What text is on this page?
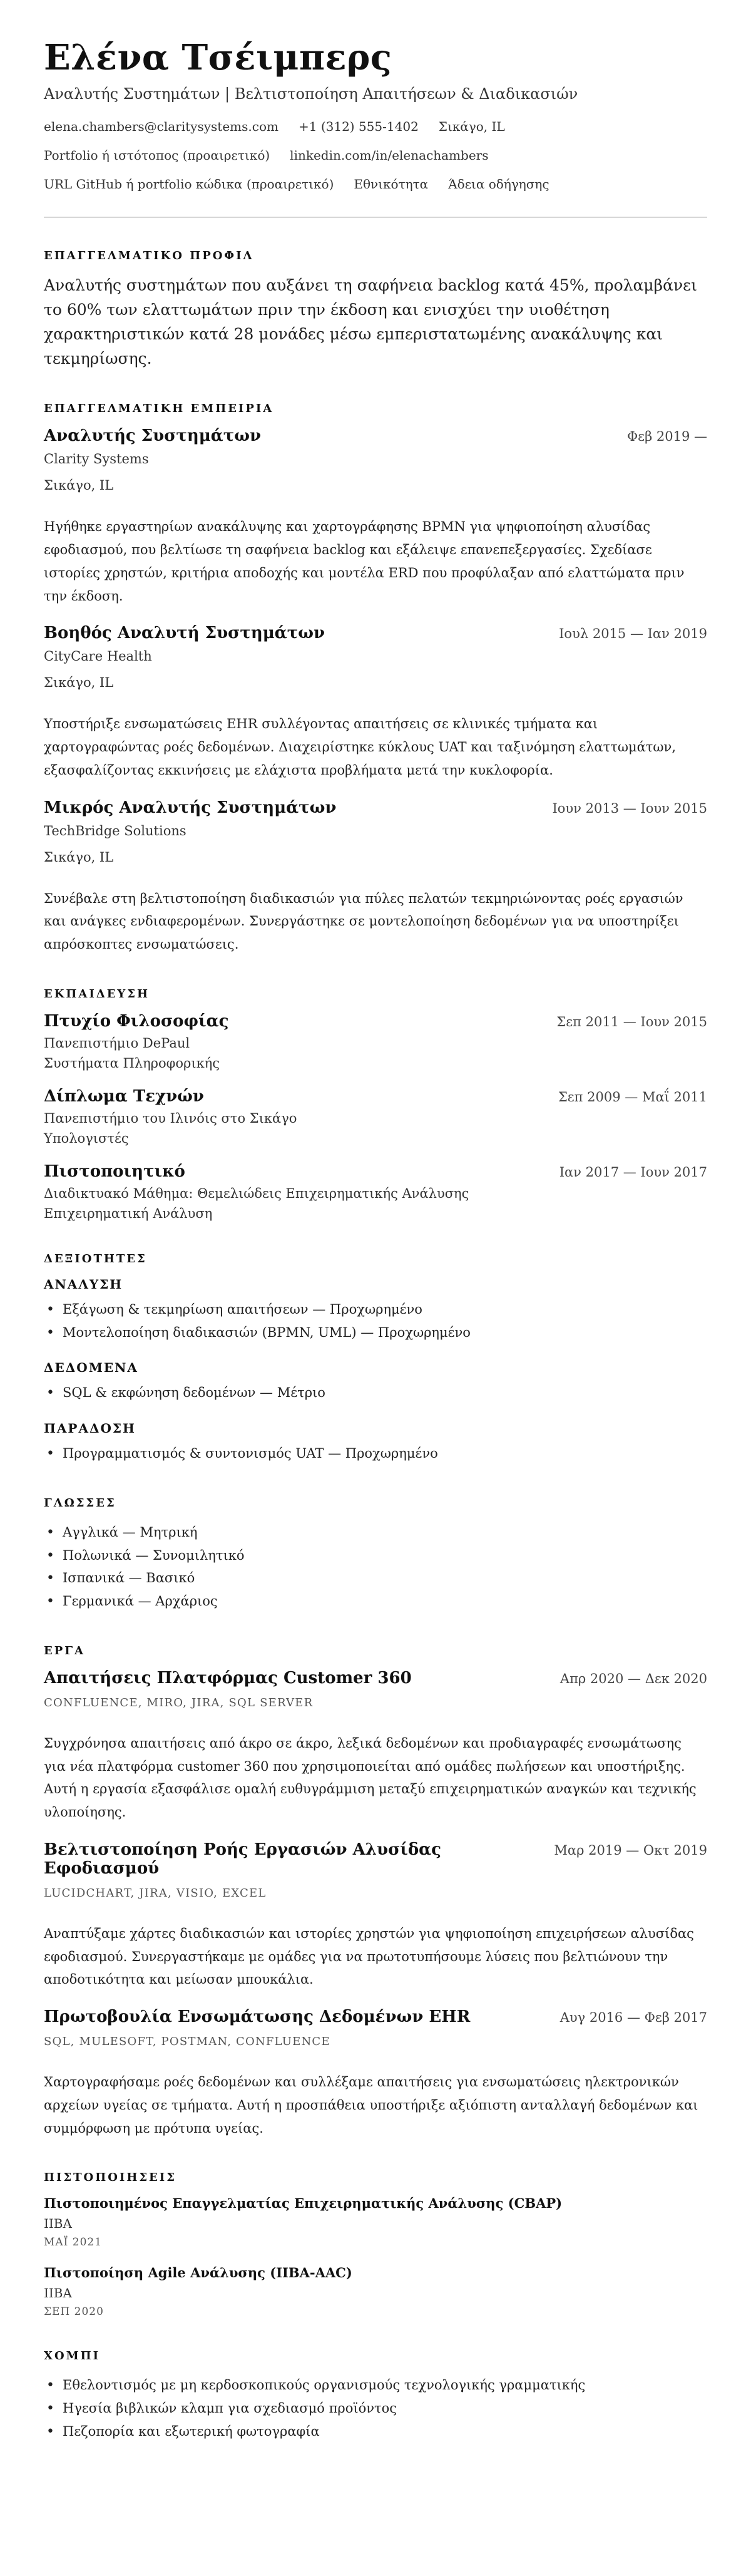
Ελένα Τσέιμπερς
Αναλυτής Συστημάτων | Βελτιστοποίηση Απαιτήσεων & Διαδικασιών
elena.chambers@claritysystems.com +1 (312) 555-1402 Σικάγο, IL
Portfolio ή ιστότοπος (προαιρετικό) linkedin.com/in/elenachambers
URL GitHub ή portfolio κώδικα (προαιρετικό) Εθνικότητα Άδεια οδήγησης
ΕΠΑΓΓΕΛΜΑΤΙΚΟ ΠΡΟΦΙΛ

Αναλυτής συστημάτων που αυξάνει τη σαφήνεια backlog κατά 45%, προλαμβάνει το 60% των ελαττωμάτων πριν την έκδοση και ενισχύει την υιοθέτηση χαρακτηριστικών κατά 28 μονάδες μέσω εμπεριστατωμένης ανακάλυψης και τεκμηρίωσης.

ΕΠΑΓΓΕΛΜΑΤΙΚΗ ΕΜΠΕΙΡΙΑ
Αναλυτής Συστημάτων	Φεβ 2019 —
Clarity Systems
Σικάγο, IL

Ηγήθηκε εργαστηρίων ανακάλυψης και χαρτογράφησης BPMN για ψηφιοποίηση αλυσίδας εφοδιασμού, που βελτίωσε τη σαφήνεια backlog και εξάλειψε επανεπεξεργασίες. Σχεδίασε ιστορίες χρηστών, κριτήρια αποδοχής και μοντέλα ERD που προφύλαξαν από ελαττώματα πριν την έκδοση.

Βοηθός Αναλυτή Συστημάτων	Ιουλ 2015 — Ιαν 2019
CityCare Health
Σικάγο, IL

Υποστήριξε ενσωματώσεις EHR συλλέγοντας απαιτήσεις σε κλινικές τμήματα και χαρτογραφώντας ροές δεδομένων. Διαχειρίστηκε κύκλους UAT και ταξινόμηση ελαττωμάτων, εξασφαλίζοντας εκκινήσεις με ελάχιστα προβλήματα μετά την κυκλοφορία.

Μικρός Αναλυτής Συστημάτων	Ιουν 2013 — Ιουν 2015
TechBridge Solutions
Σικάγο, IL

Συνέβαλε στη βελτιστοποίηση διαδικασιών για πύλες πελατών τεκμηριώνοντας ροές εργασιών και ανάγκες ενδιαφερομένων. Συνεργάστηκε σε μοντελοποίηση δεδομένων για να υποστηρίξει απρόσκοπτες ενσωματώσεις.

ΕΚΠΑΙΔΕΥΣΗ
Πτυχίο Φιλοσοφίας	Σεπ 2011 — Ιουν 2015
Πανεπιστήμιο DePaul
Συστήματα Πληροφορικής
Δίπλωμα Τεχνών	Σεπ 2009 — Μαΐ 2011
Πανεπιστήμιο του Ιλινόις στο Σικάγο
Υπολογιστές
Πιστοποιητικό	Ιαν 2017 — Ιουν 2017
Διαδικτυακό Μάθημα: Θεμελιώδεις Επιχειρηματικής Ανάλυσης
Επιχειρηματική Ανάλυση
ΔΕΞΙΟΤΗΤΕΣ
ΑΝΑΛΥΣΗ
• Εξάγωση & τεκμηρίωση απαιτήσεων — Προχωρημένο
• Μοντελοποίηση διαδικασιών (BPMN, UML) — Προχωρημένο
ΔΕΔΟΜΕΝΑ
• SQL & εκφώνηση δεδομένων — Μέτριο
ΠΑΡΑΔΟΣΗ
• Προγραμματισμός & συντονισμός UAT — Προχωρημένο
ΓΛΩΣΣΕΣ
• Αγγλικά — Μητρική
• Πολωνικά — Συνομιλητικό
• Ισπανικά — Βασικό
• Γερμανικά — Αρχάριος
ΕΡΓΑ
Απαιτήσεις Πλατφόρμας Customer 360	Απρ 2020 — Δεκ 2020
CONFLUENCE, MIRO, JIRA, SQL SERVER

Συγχρόνησα απαιτήσεις από άκρο σε άκρο, λεξικά δεδομένων και προδιαγραφές ενσωμάτωσης για νέα πλατφόρμα customer 360 που χρησιμοποιείται από ομάδες πωλήσεων και υποστήριξης. Αυτή η εργασία εξασφάλισε ομαλή ευθυγράμμιση μεταξύ επιχειρηματικών αναγκών και τεχνικής υλοποίησης.

Βελτιστοποίηση Ροής Εργασιών Αλυσίδας Εφοδιασμού
Μαρ 2019 — Οκτ 2019
LUCIDCHART, JIRA, VISIO, EXCEL

Αναπτύξαμε χάρτες διαδικασιών και ιστορίες χρηστών για ψηφιοποίηση επιχειρήσεων αλυσίδας εφοδιασμού. Συνεργαστήκαμε με ομάδες για να πρωτοτυπήσουμε λύσεις που βελτιώνουν την αποδοτικότητα και μείωσαν μπουκάλια.

Πρωτοβουλία Ενσωμάτωσης Δεδομένων EHR	Αυγ 2016 — Φεβ 2017
SQL, MULESOFT, POSTMAN, CONFLUENCE

Χαρτογραφήσαμε ροές δεδομένων και συλλέξαμε απαιτήσεις για ενσωματώσεις ηλεκτρονικών αρχείων υγείας σε τμήματα. Αυτή η προσπάθεια υποστήριξε αξιόπιστη ανταλλαγή δεδομένων και συμμόρφωση με πρότυπα υγείας.

ΠΙΣΤΟΠΟΙΗΣΕΙΣ
Πιστοποιημένος Επαγγελματίας Επιχειρηματικής Ανάλυσης (CBAP)
IIBA
ΜΑΪ 2021
Πιστοποίηση Agile Ανάλυσης (IIBA-AAC)
IIBA
ΣΕΠ 2020
ΧΟΜΠΙ
• Εθελοντισμός με μη κερδοσκοπικούς οργανισμούς τεχνολογικής γραμματικής
• Ηγεσία βιβλικών κλαμπ για σχεδιασμό προϊόντος
• Πεζοπορία και εξωτερική φωτογραφία
